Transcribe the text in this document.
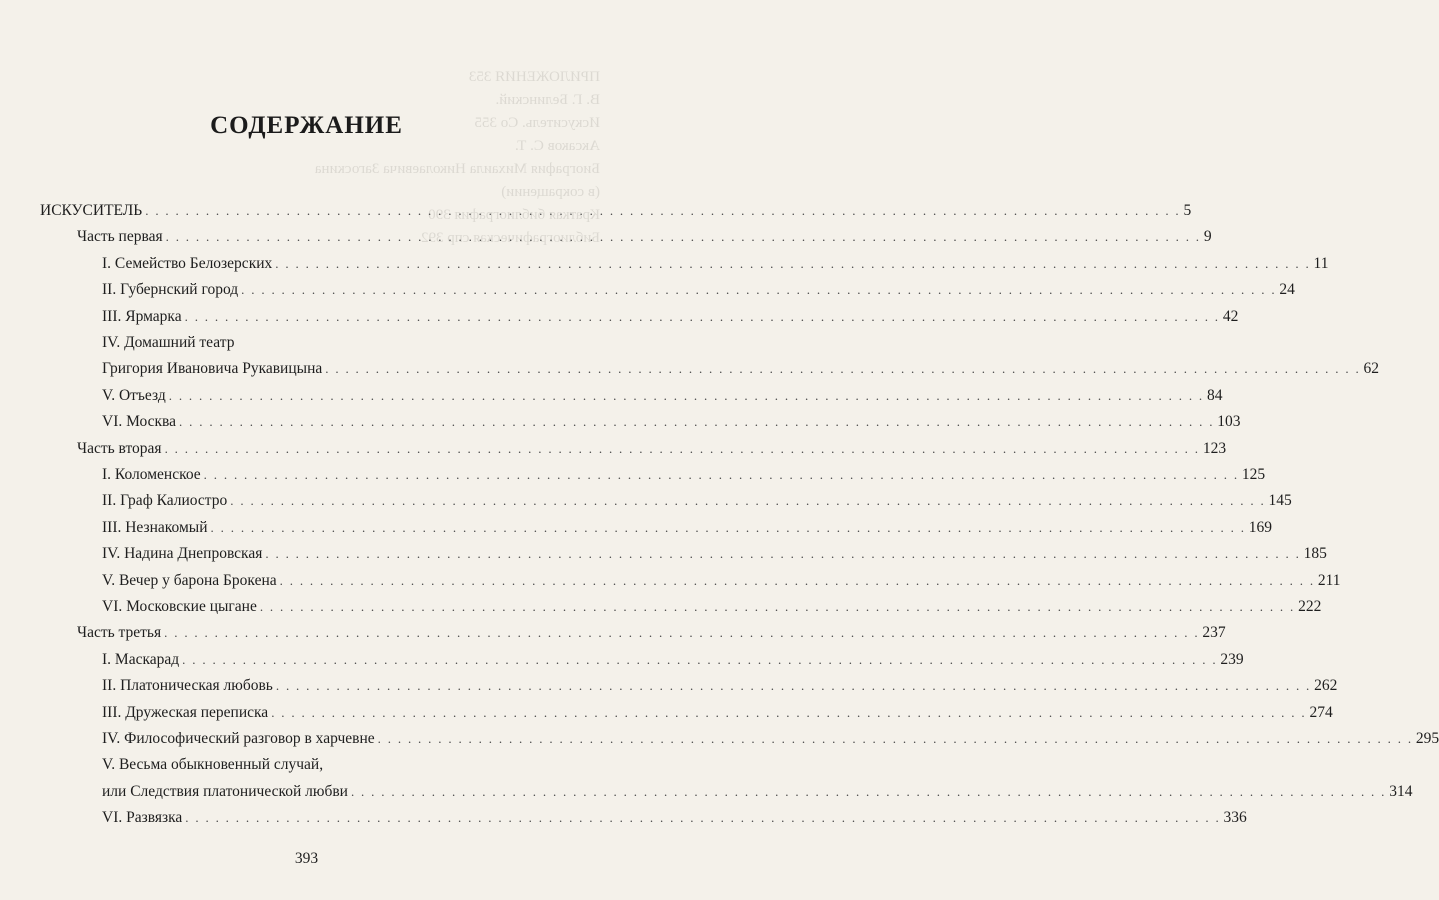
ПРИЛОЖЕНИЯ 353
В. Г. Белинский.
Искуситель. Со 355
Аксаков С. Т.
Биография Михаила Николаевича Загоскина
(в сокращении)
Краткая библиография 390
Библиографическая спр 392
СОДЕРЖАНИЕ
ИСКУСИТЕЛЬ . . .	5
Часть первая . . .	9
I. Семейство Белозерских . . .	11
II. Губернский город . . .	24
III. Ярмарка . . .	42
IV. Домашний театр
Григория Ивановича Рукавицына . . .	62
V. Отъезд . . .	84
VI. Москва . . .	103
Часть вторая . . .	123
I. Коломенское . . .	125
II. Граф Калиостро . . .	145
III. Незнакомый . . .	169
IV. Надина Днепровская . . .	185
V. Вечер у барона Брокена . . .	211
VI. Московские цыгане . . .	222
Часть третья . . .	237
I. Маскарад . . .	239
II. Платоническая любовь . . .	262
III. Дружеская переписка . . .	274
IV. Философический разговор в харчевне . . .	295
V. Весьма обыкновенный случай,
или Следствия платонической любви . . .	314
VI. Развязка . . .	336
393
